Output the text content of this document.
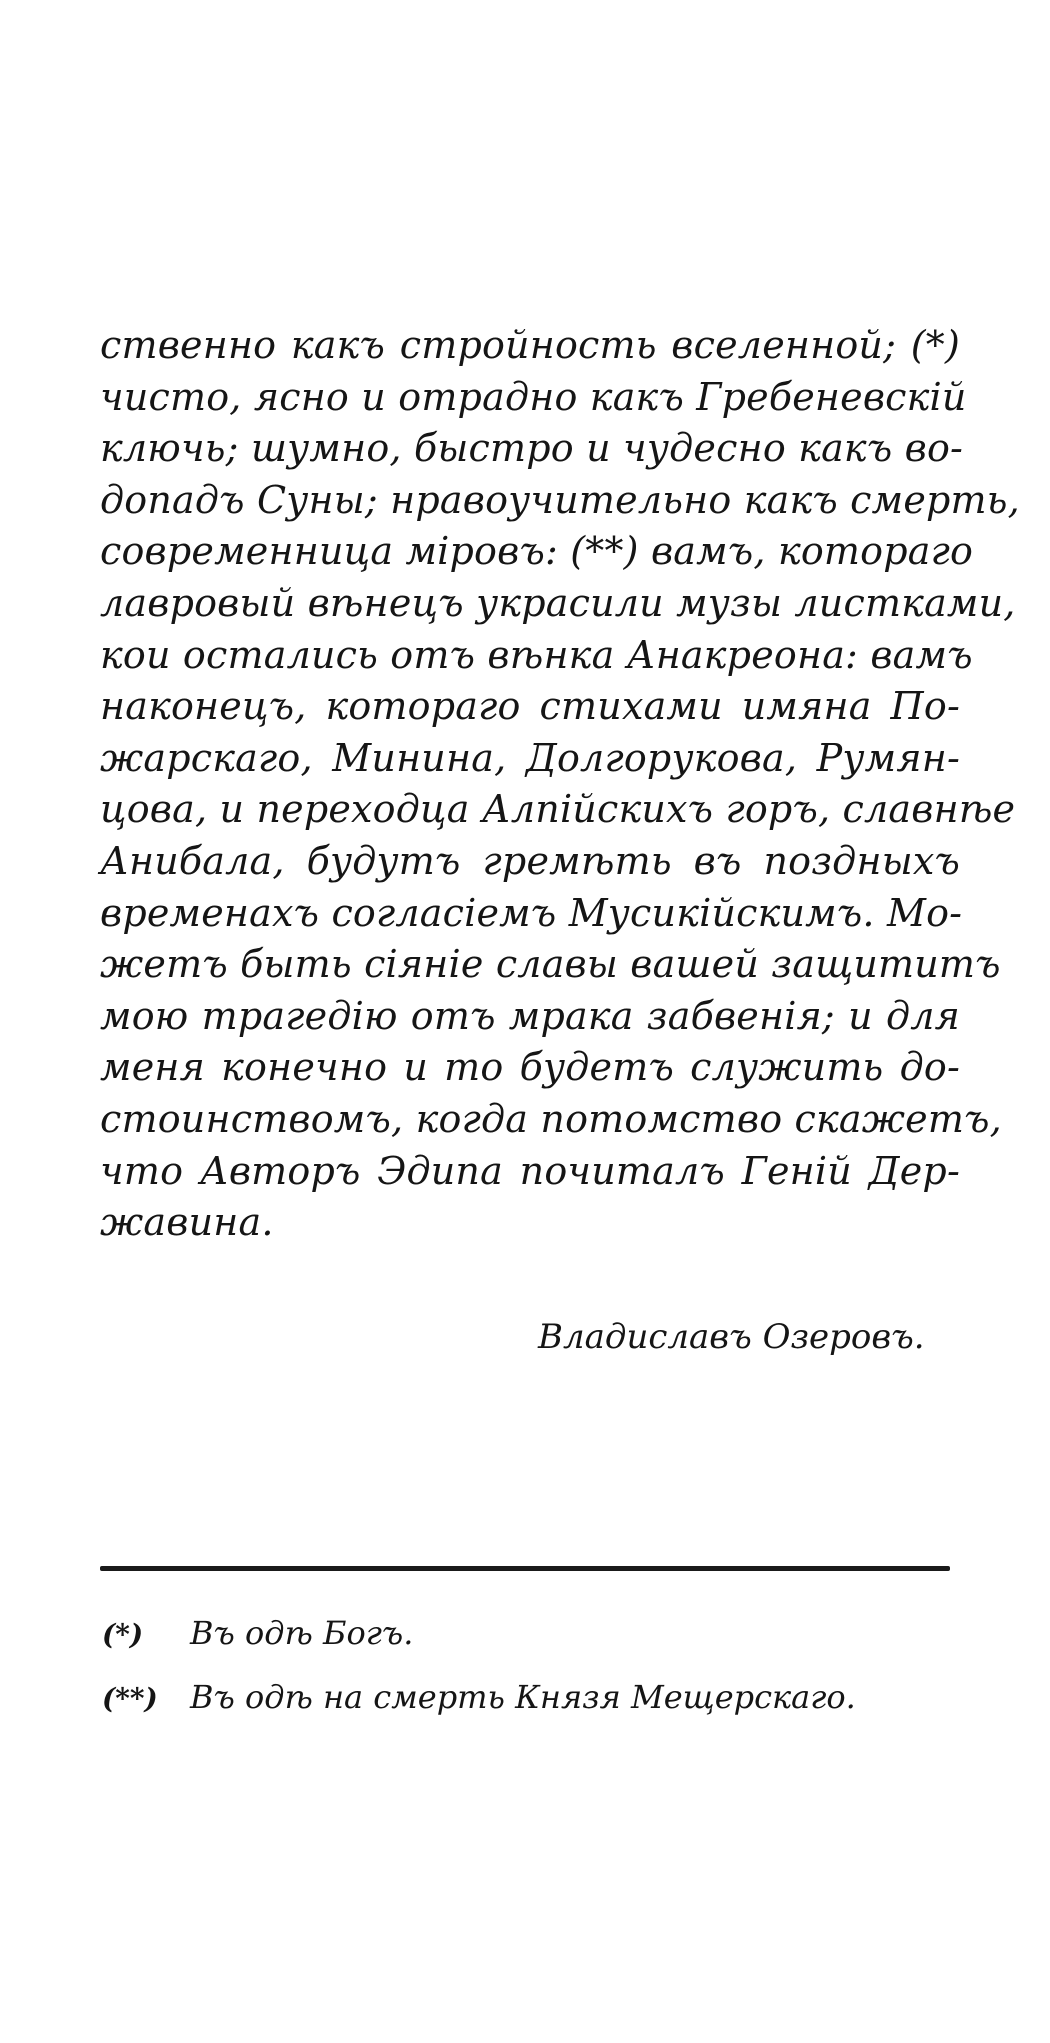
ственно какъ стройность вселенной; (*)
чисто, ясно и отрадно какъ Гребеневскій
ключь; шумно, быстро и чудесно какъ во-
допадъ Суны; нравоучительно какъ смерть,
современница міровъ: (**) вамъ, котораго
лавровый вѣнецъ украсили музы листками,
кои остались отъ вѣнка Анакреона: вамъ
наконецъ, котораго стихами имяна По-
жарскаго, Минина, Долгорукова, Румян-
цова, и переходца Алпійскихъ горъ, славнѣе
Анибала, будутъ гремѣть въ поздныхъ
временахъ согласіемъ Мусикійскимъ. Мо-
жетъ быть сіяніе славы вашей защититъ
мою трагедію отъ мрака забвенія; и для
меня конечно и то будетъ служить до-
стоинствомъ, когда потомство скажетъ,
что Авторъ Эдипа почиталъ Геній Дер-
жавина.
Владиславъ Озеровъ.
(*) Въ одѣ Богъ.
(**) Въ одѣ на смерть Князя Мещерскаго.
